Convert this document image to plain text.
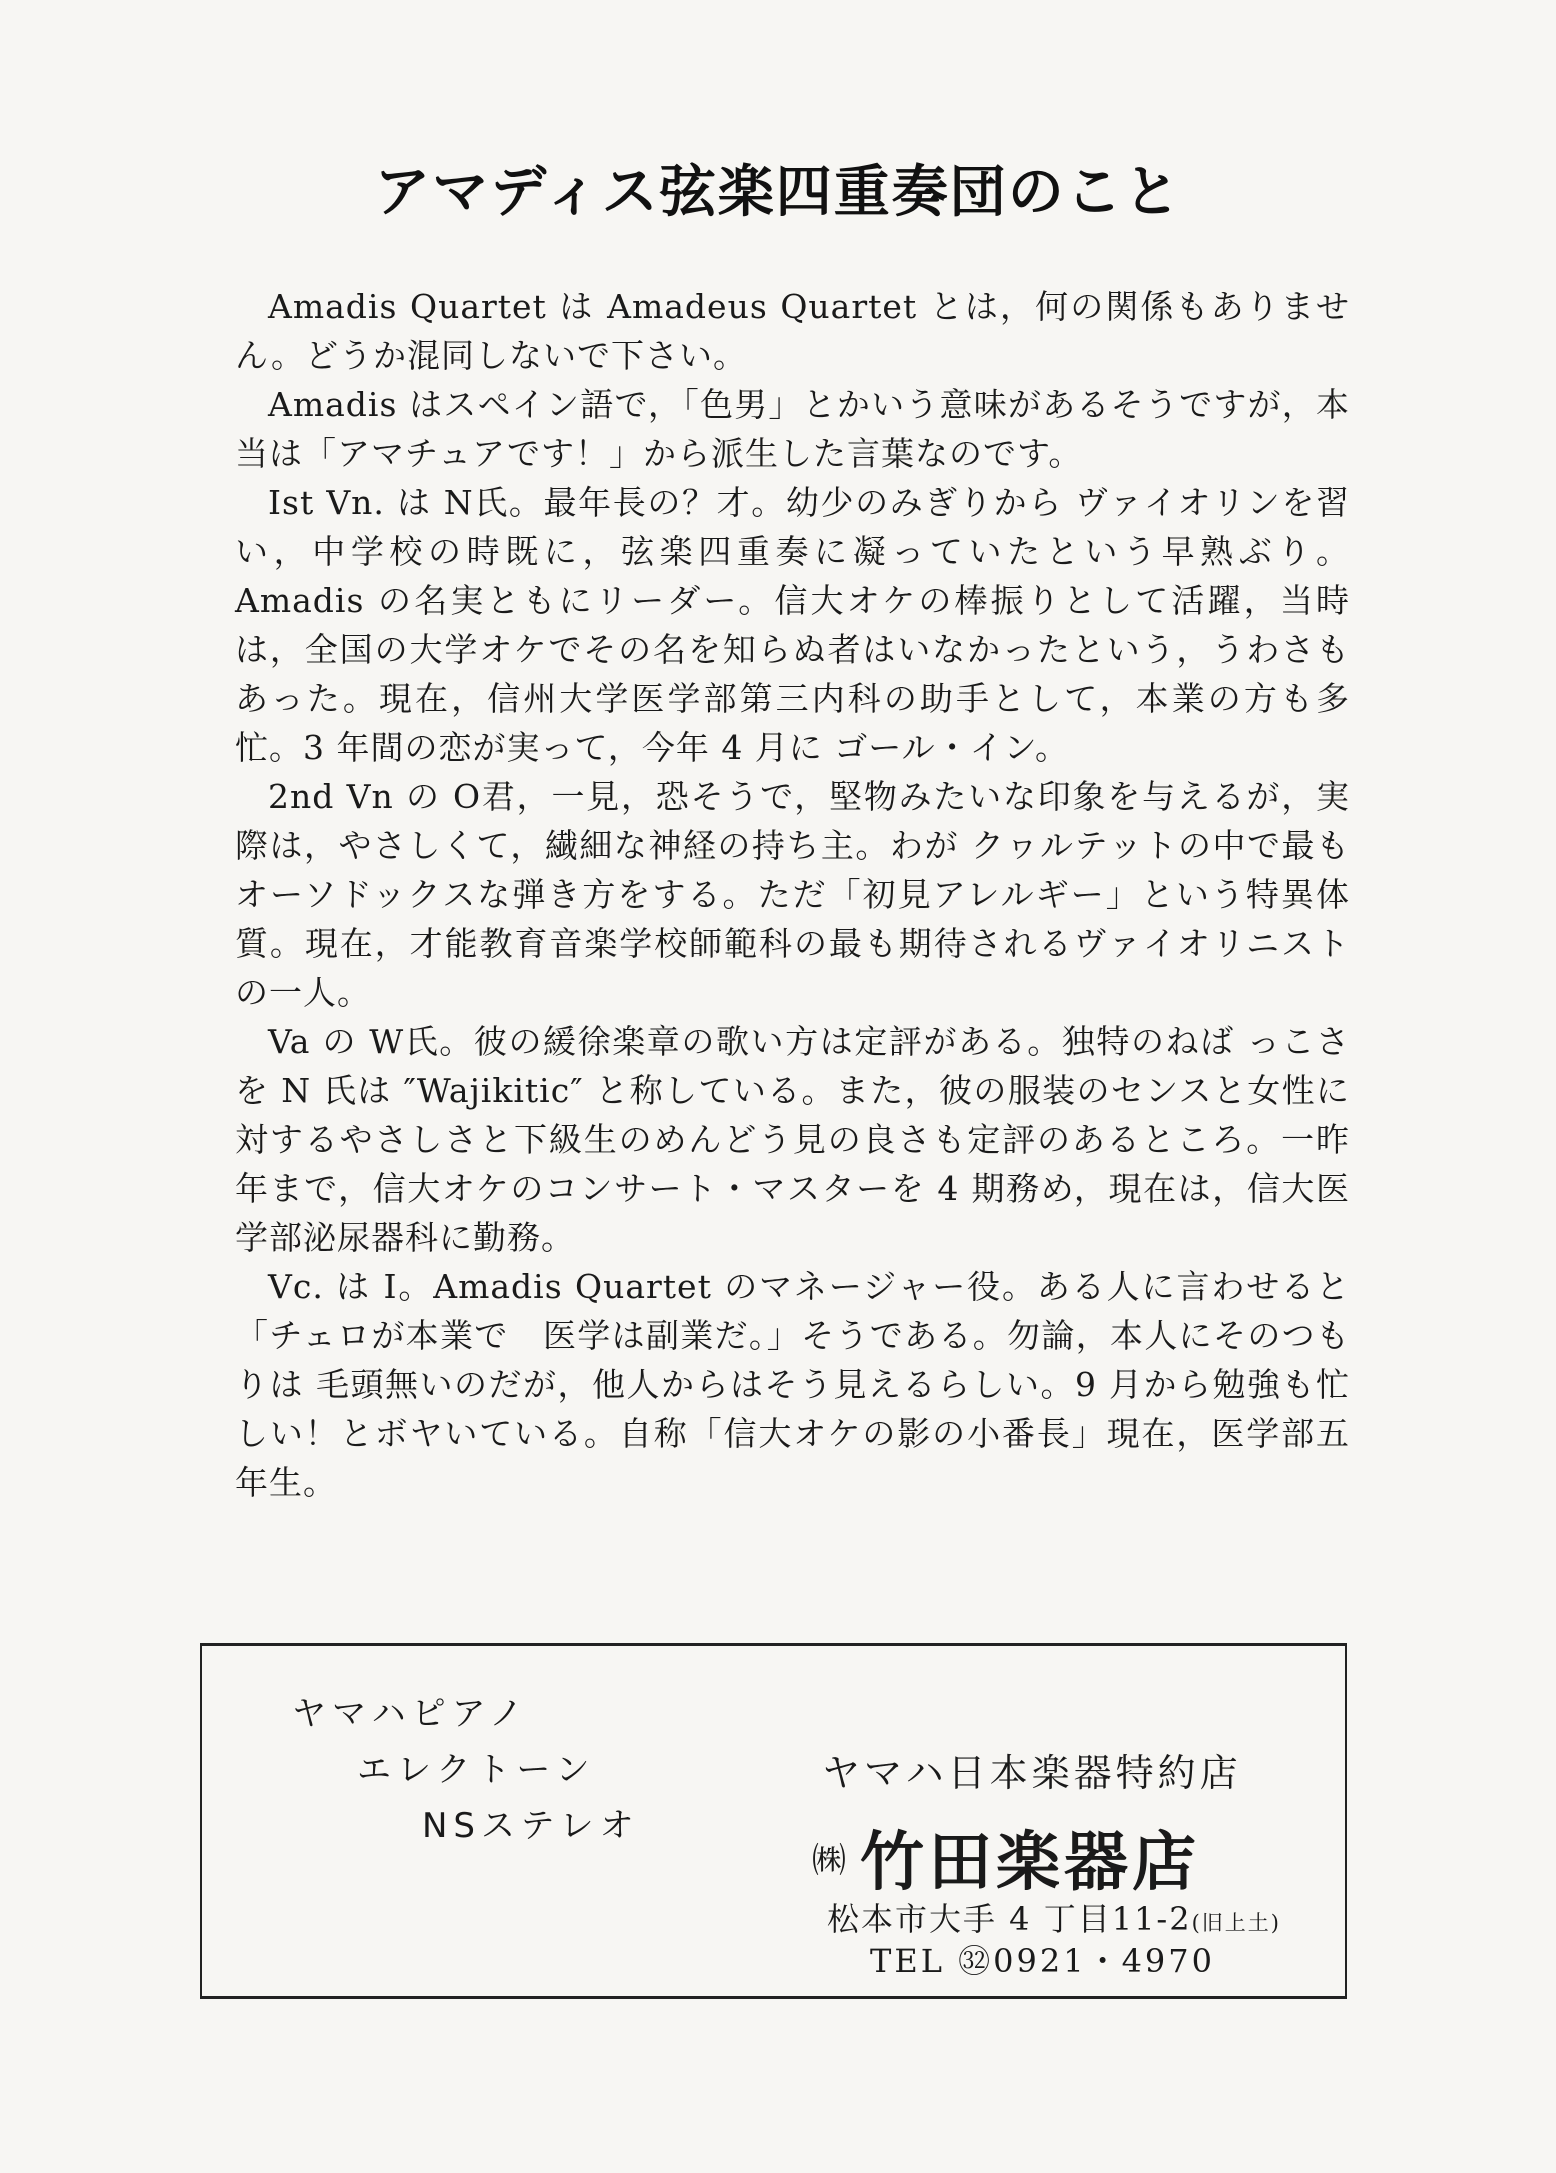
アマディス弦楽四重奏団のこと

Amadis Quartet は Amadeus Quartet とは，何の関係もありません。どうか混同しないで下さい。

Amadis はスペイン語で，「色男」とかいう意味があるそうですが，本当は「アマチュアです！」から派生した言葉なのです。

Ist Vn. は N氏。最年長の？才。幼少のみぎりから ヴァイオリンを習い，中学校の時既に，弦楽四重奏に凝っていたという早熟ぶり。Amadis の名実ともにリーダー。信大オケの棒振りとして活躍，当時は，全国の大学オケでその名を知らぬ者はいなかったという，うわさもあった。現在，信州大学医学部第三内科の助手として，本業の方も多忙。3 年間の恋が実って，今年 4 月に ゴール・イン。

2nd Vn の O君，一見，恐そうで，堅物みたいな印象を与えるが，実際は，やさしくて，繊細な神経の持ち主。わが クヮルテットの中で最もオーソドックスな弾き方をする。ただ「初見アレルギー」という特異体質。現在，才能教育音楽学校師範科の最も期待されるヴァイオリニストの一人。

Va の W氏。彼の緩徐楽章の歌い方は定評がある。独特のねば っこさを N 氏は ″Wajikitic″ と称している。また，彼の服装のセンスと女性に対するやさしさと下級生のめんどう見の良さも定評のあるところ。一昨年まで，信大オケのコンサート・マスターを 4 期務め，現在は，信大医学部泌尿器科に勤務。

Vc. は I。Amadis Quartet のマネージャー役。ある人に言わせると「チェロが本業で　医学は副業だ。」そうである。勿論，本人にそのつもりは 毛頭無いのだが，他人からはそう見えるらしい。9 月から勉強も忙しい！とボヤいている。自称「信大オケの影の小番長」現在，医学部五年生。

ヤマハピアノ
エレクトーン
NSステレオ
ヤマハ日本楽器特約店
㈱ 竹田楽器店
松本市大手 4 丁目11-2(旧上土)
TEL ㉜0921・4970
